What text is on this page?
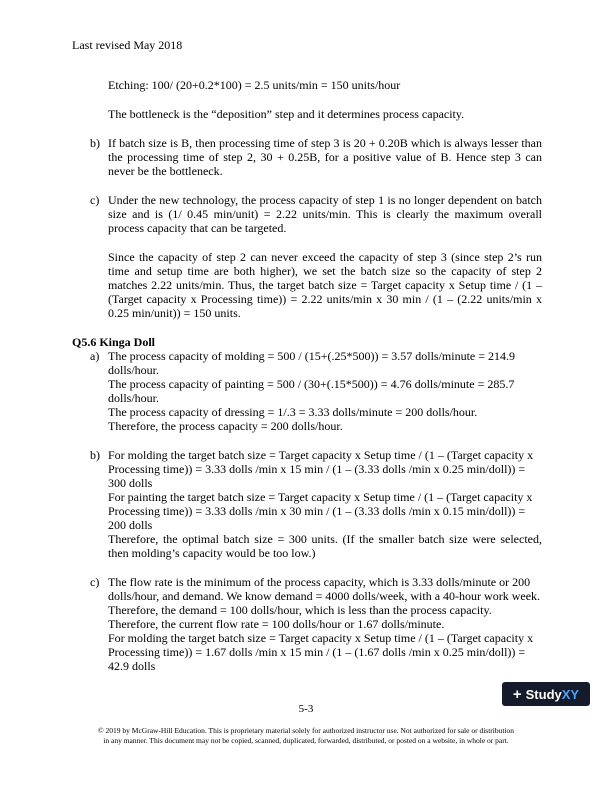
Last revised May 2018

Etching: 100/ (20+0.2*100) = 2.5 units/min = 150 units/hour

The bottleneck is the “deposition” step and it determines process capacity.

b) If batch size is B, then processing time of step 3 is 20 + 0.20B which is always lesser than the processing time of step 2, 30 + 0.25B, for a positive value of B. Hence step 3 can never be the bottleneck.
c) Under the new technology, the process capacity of step 1 is no longer dependent on batch size and is (1/ 0.45 min/unit) = 2.22 units/min. This is clearly the maximum overall process capacity that can be targeted.

Since the capacity of step 2 can never exceed the capacity of step 3 (since step 2’s run time and setup time are both higher), we set the batch size so the capacity of step 2 matches 2.22 units/min. Thus, the target batch size = Target capacity x Setup time / (1 – (Target capacity x Processing time)) = 2.22 units/min x 30 min / (1 – (2.22 units/min x 0.25 min/unit)) = 150 units.

Q5.6 Kinga Doll

a) The process capacity of molding = 500 / (15+(.25*500)) = 3.57 dolls/minute = 214.9 dolls/hour.

The process capacity of painting = 500 / (30+(.15*500)) = 4.76 dolls/minute = 285.7 dolls/hour.

The process capacity of dressing = 1/.3 = 3.33 dolls/minute = 200 dolls/hour.

Therefore, the process capacity = 200 dolls/hour.

b) For molding the target batch size = Target capacity x Setup time / (1 – (Target capacity x Processing time)) = 3.33 dolls /min x 15 min / (1 – (3.33 dolls /min x 0.25 min/doll)) = 300 dolls

For painting the target batch size = Target capacity x Setup time / (1 – (Target capacity x Processing time)) = 3.33 dolls /min x 30 min / (1 – (3.33 dolls /min x 0.15 min/doll)) = 200 dolls

Therefore, the optimal batch size = 300 units. (If the smaller batch size were selected, then molding’s capacity would be too low.)

c) The flow rate is the minimum of the process capacity, which is 3.33 dolls/minute or 200 dolls/hour, and demand. We know demand = 4000 dolls/week, with a 40-hour work week. Therefore, the demand = 100 dolls/hour, which is less than the process capacity. Therefore, the current flow rate = 100 dolls/hour or 1.67 dolls/minute.

For molding the target batch size = Target capacity x Setup time / (1 – (Target capacity x Processing time)) = 1.67 dolls /min x 15 min / (1 – (1.67 dolls /min x 0.25 min/doll)) = 42.9 dolls

+ Study XY
5-3
© 2019 by McGraw-Hill Education. This is proprietary material solely for authorized instructor use. Not authorized for sale or distribution in any manner. This document may not be copied, scanned, duplicated, forwarded, distributed, or posted on a website, in whole or part.
